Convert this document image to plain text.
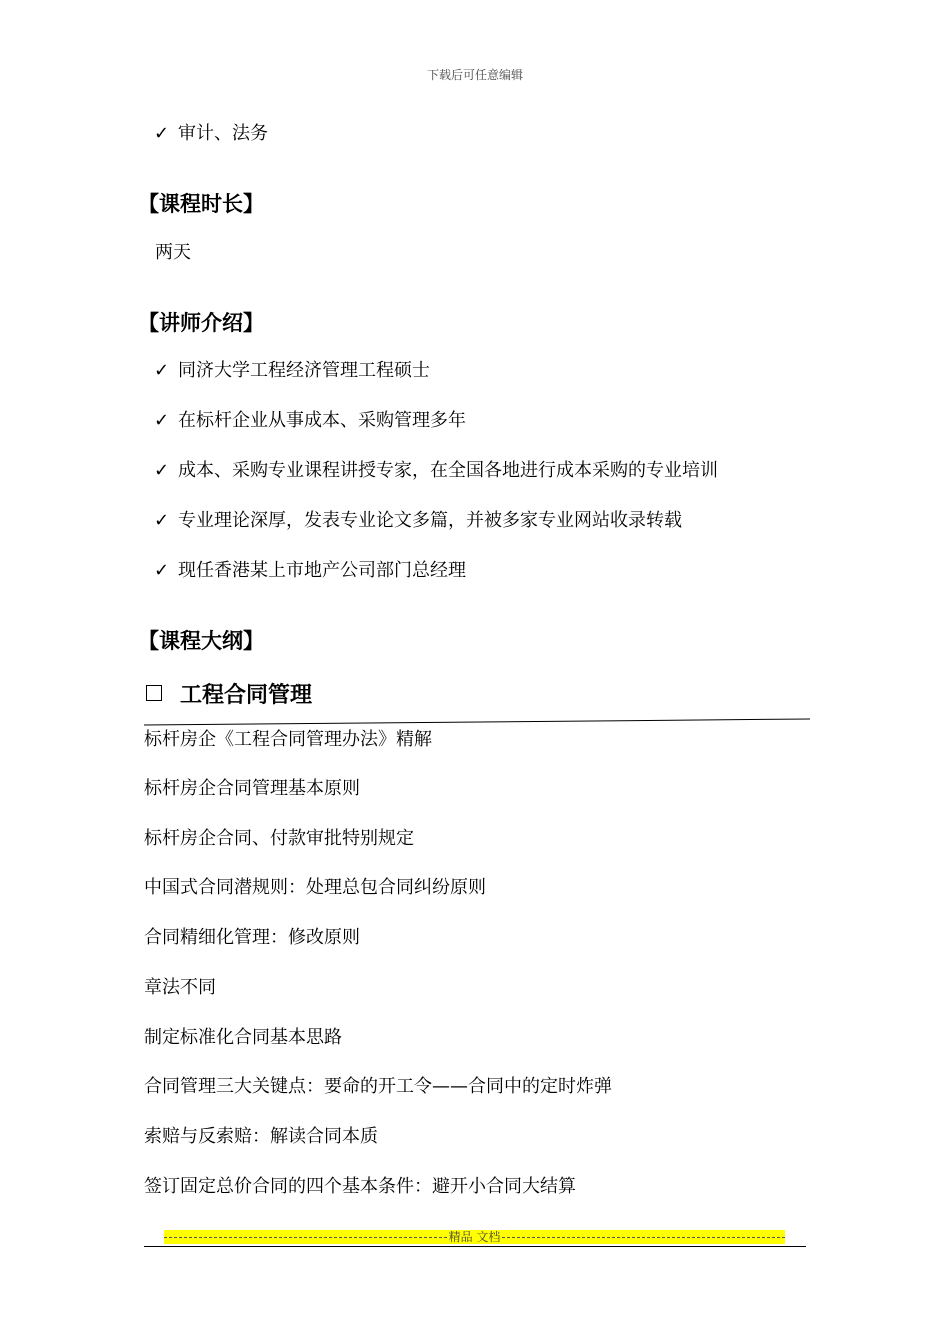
下载后可任意编辑
✓ 审计、法务
【课程时长】
两天
【讲师介绍】
✓ 同济大学工程经济管理工程硕士
✓ 在标杆企业从事成本、采购管理多年
✓ 成本、采购专业课程讲授专家，在全国各地进行成本采购的专业培训
✓ 专业理论深厚，发表专业论文多篇，并被多家专业网站收录转载
✓ 现任香港某上市地产公司部门总经理
【课程大纲】
工程合同管理
标杆房企《工程合同管理办法》精解
标杆房企合同管理基本原则
标杆房企合同、付款审批特别规定
中国式合同潜规则：处理总包合同纠纷原则
合同精细化管理：修改原则
章法不同
制定标准化合同基本思路
合同管理三大关键点：要命的开工令——合同中的定时炸弹
索赔与反索赔：解读合同本质
签订固定总价合同的四个基本条件：避开小合同大结算
精品 文档
